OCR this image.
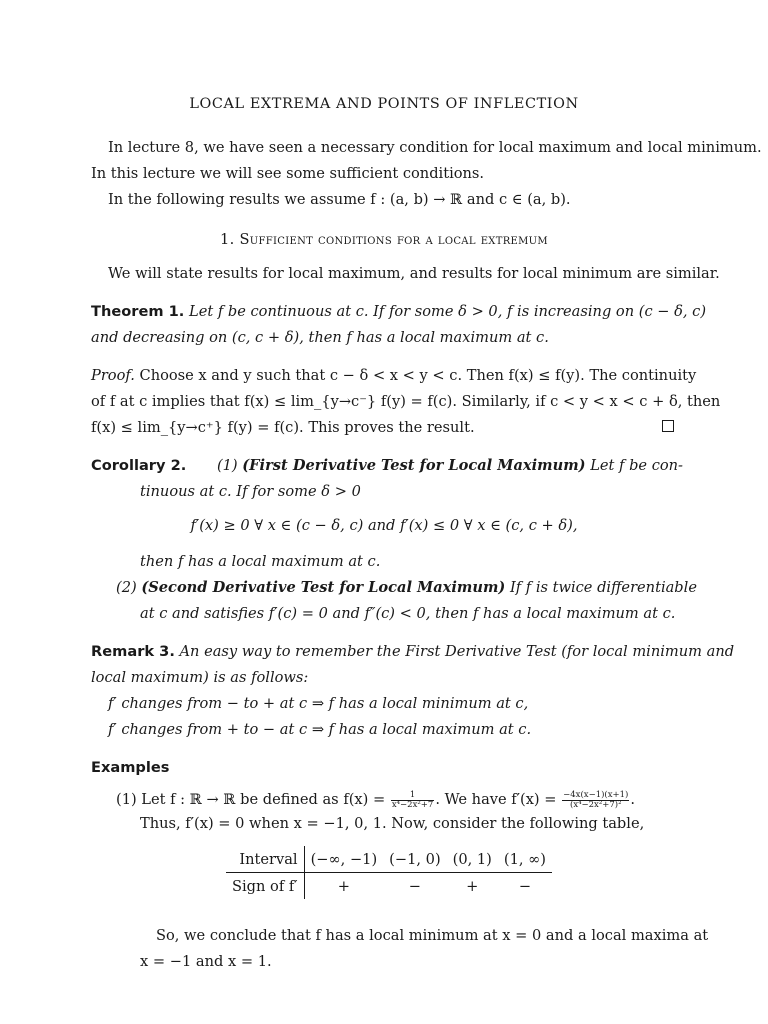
LOCAL EXTREMA AND POINTS OF INFLECTION
In lecture 8, we have seen a necessary condition for local maximum and local minimum.
In this lecture we will see some sufficient conditions.
In the following results we assume f : (a, b) → ℝ and c ∈ (a, b).
1. Sufficient conditions for a local extremum
We will state results for local maximum, and results for local minimum are similar.
Theorem 1. Let f be continuous at c. If for some δ > 0, f is increasing on (c − δ, c)
and decreasing on (c, c + δ), then f has a local maximum at c.
Proof. Choose x and y such that c − δ < x < y < c. Then f(x) ≤ f(y). The continuity
of f at c implies that f(x) ≤ lim_{y→c⁻} f(y) = f(c). Similarly, if c < y < x < c + δ, then
f(x) ≤ lim_{y→c⁺} f(y) = f(c). This proves the result.
Corollary 2. (1) (First Derivative Test for Local Maximum) Let f be con-
tinuous at c. If for some δ > 0
f′(x) ≥ 0 ∀ x ∈ (c − δ, c) and f′(x) ≤ 0 ∀ x ∈ (c, c + δ),
then f has a local maximum at c.
(2) (Second Derivative Test for Local Maximum) If f is twice differentiable
at c and satisfies f′(c) = 0 and f″(c) < 0, then f has a local maximum at c.
Remark 3. An easy way to remember the First Derivative Test (for local minimum and
local maximum) is as follows:
f′ changes from − to + at c ⇒ f has a local minimum at c,
f′ changes from + to − at c ⇒ f has a local maximum at c.
Examples
(1) Let f : ℝ → ℝ be defined as $f(x) = \frac{1}{\text{x⁴−2x²+7}}$ . We have $f'(x) = \frac{-4x(x-1)(x+1)}{\text{(x⁴−2x²+7)²}}$ .
Thus, f′(x) = 0 when x = −1, 0, 1. Now, consider the following table,
Interval	(−∞, −1)	(−1, 0)	(0, 1)	(1, ∞)
Sign of f′	+	−	+	−
So, we conclude that f has a local minimum at x = 0 and a local maxima at
x = −1 and x = 1.
